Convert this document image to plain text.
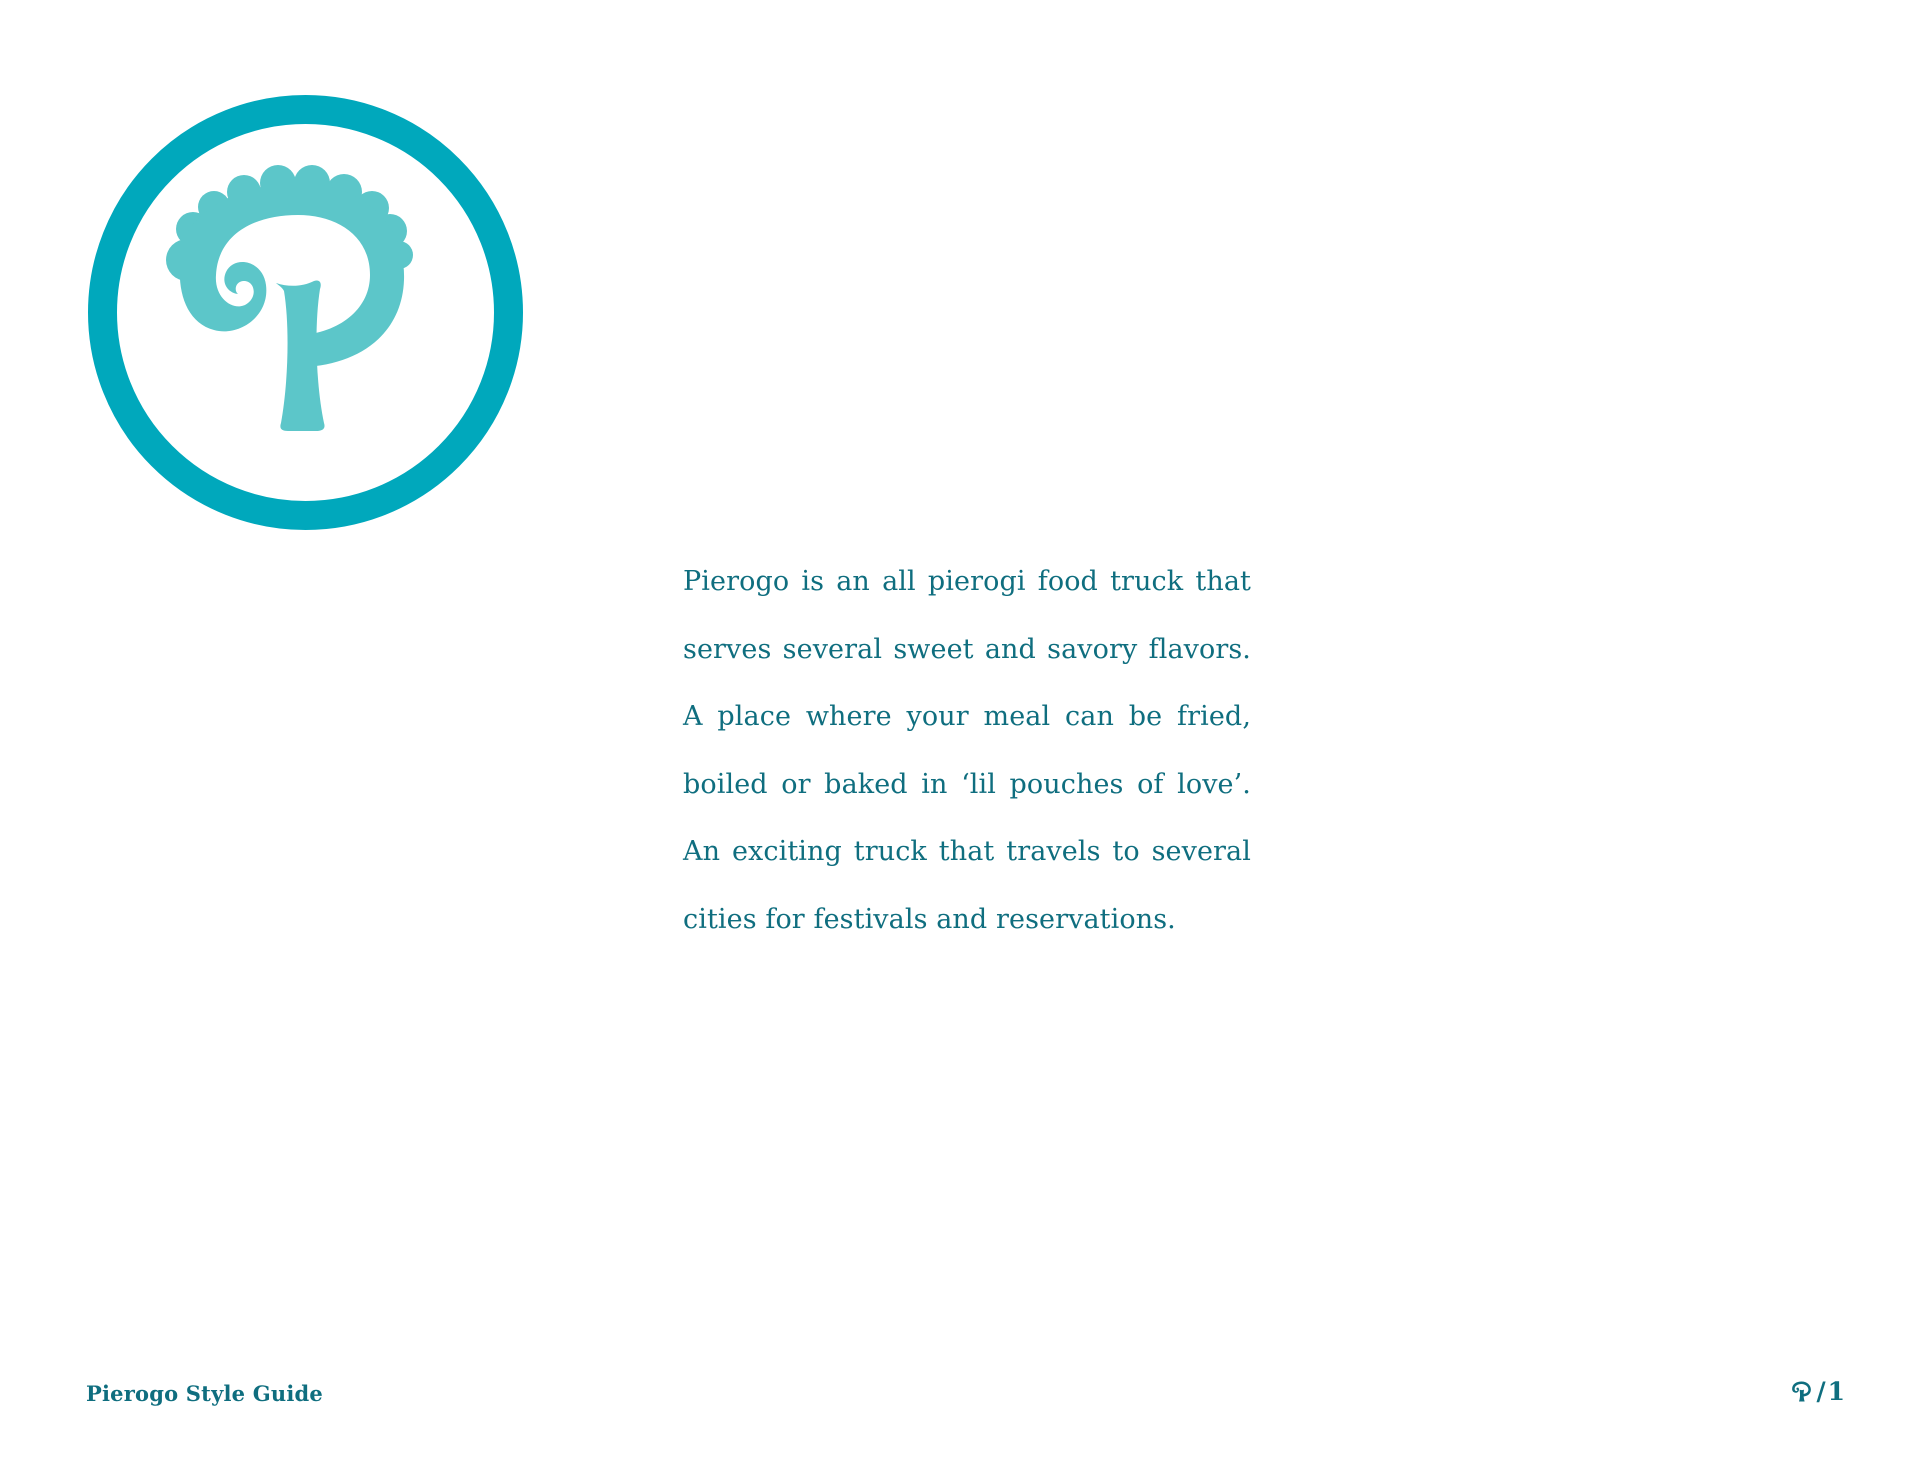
Pierogo is an all pierogi food truck that
serves several sweet and savory flavors.
A place where your meal can be fried,
boiled or baked in ‘lil pouches of love’.
An exciting truck that travels to several
cities for festivals and reservations.

Pierogo Style Guide	/ 1
